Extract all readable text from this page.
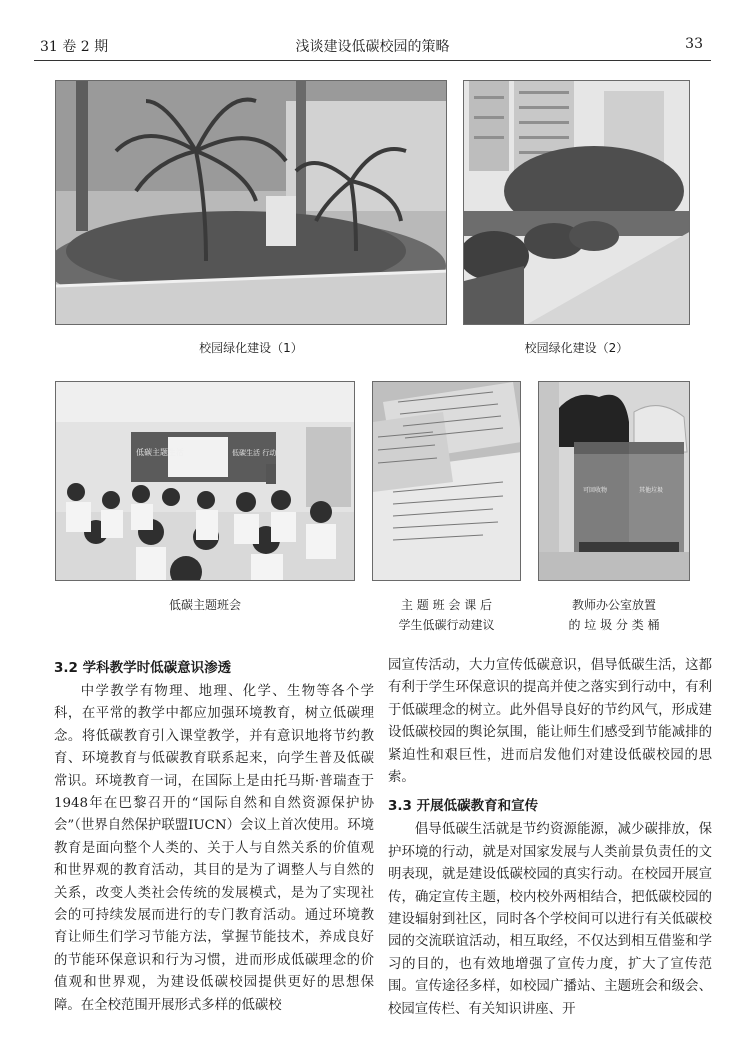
31 卷 2 期	浅谈建设低碳校园的策略	33
校园绿化建设（1）	校园绿化建设（2）
低碳主题生活	低碳生活 行动
低碳主题班会	主 题 班 会 课 后
学生低碳行动建议
可回收物	其他垃圾
教师办公室放置
的 垃 圾 分 类 桶
3.2 学科教学时低碳意识渗透

中学教学有物理、地理、化学、生物等各个学科，在平常的教学中都应加强环境教育，树立低碳理念。将低碳教育引入课堂教学，并有意识地将节约教育、环境教育与低碳教育联系起来，向学生普及低碳常识。环境教育一词，在国际上是由托马斯·普瑞查于1948年在巴黎召开的“国际自然和自然资源保护协会”（世界自然保护联盟IUCN）会议上首次使用。环境教育是面向整个人类的、关于人与自然关系的价值观和世界观的教育活动，其目的是为了调整人与自然的关系，改变人类社会传统的发展模式，是为了实现社会的可持续发展而进行的专门教育活动。通过环境教育让师生们学习节能方法，掌握节能技术，养成良好的节能环保意识和行为习惯，进而形成低碳理念的价值观和世界观，为建设低碳校园提供更好的思想保障。在全校范围开展形式多样的低碳校

园宣传活动，大力宣传低碳意识，倡导低碳生活，这都有利于学生环保意识的提高并使之落实到行动中，有利于低碳理念的树立。此外倡导良好的节约风气，形成建设低碳校园的舆论氛围，能让师生们感受到节能减排的紧迫性和艰巨性，进而启发他们对建设低碳校园的思索。

3.3 开展低碳教育和宣传

倡导低碳生活就是节约资源能源，减少碳排放，保护环境的行动，就是对国家发展与人类前景负责任的文明表现，就是建设低碳校园的真实行动。在校园开展宣传，确定宣传主题，校内校外两相结合，把低碳校园的建设辐射到社区，同时各个学校间可以进行有关低碳校园的交流联谊活动，相互取经，不仅达到相互借鉴和学习的目的，也有效地增强了宣传力度，扩大了宣传范围。宣传途径多样，如校园广播站、主题班会和级会、校园宣传栏、有关知识讲座、开
